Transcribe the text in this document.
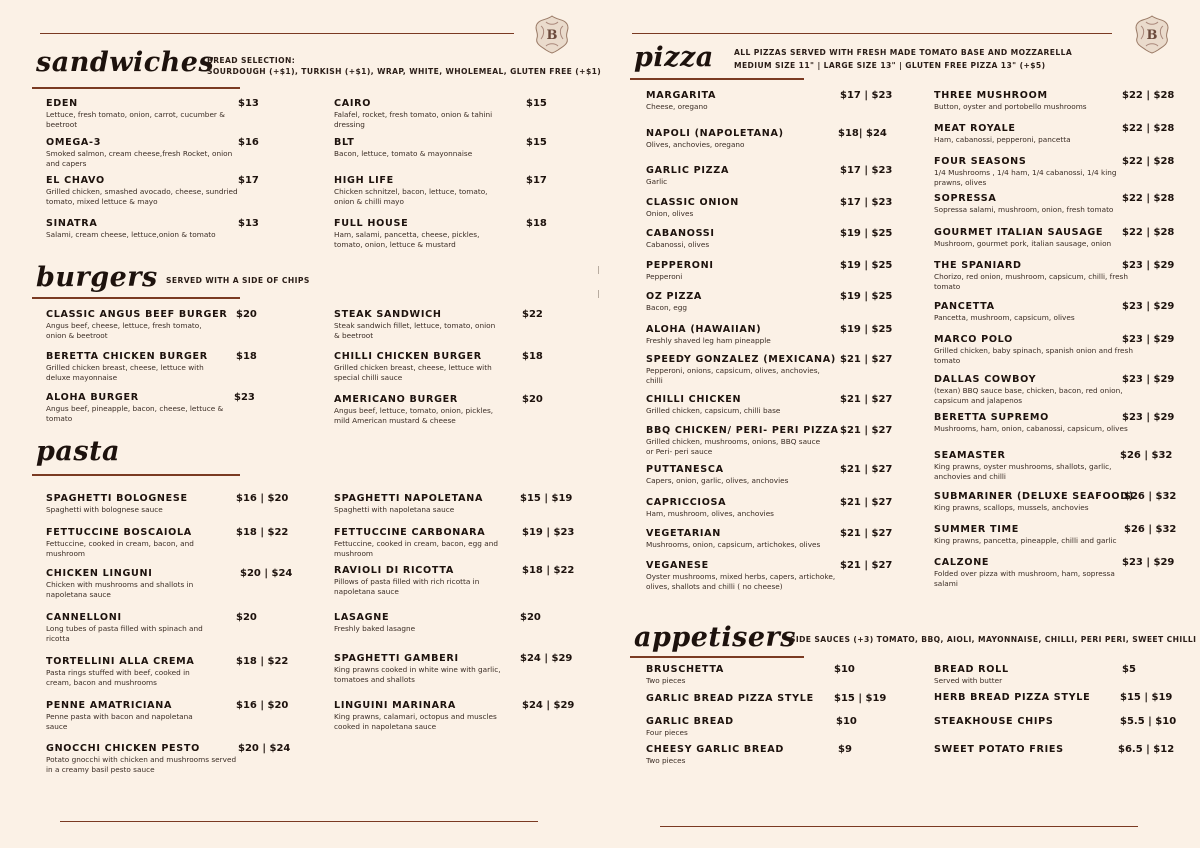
B
sandwiches
BREAD SELECTION:
SOURDOUGH (+$1), TURKISH (+$1), WRAP, WHITE, WHOLEMEAL, GLUTEN FREE (+$1)
EDEN
Lettuce, fresh tomato, onion, carrot, cucumber & beetroot
$13
OMEGA-3
Smoked salmon, cream cheese,fresh Rocket, onion and capers
$16
EL CHAVO
Grilled chicken, smashed avocado, cheese, sundried tomato, mixed lettuce & mayo
$17
SINATRA
Salami, cream cheese, lettuce,onion & tomato
$13
CAIRO
Falafel, rocket, fresh tomato, onion & tahini dressing
$15
BLT
Bacon, lettuce, tomato & mayonnaise
$15
HIGH LIFE
Chicken schnitzel, bacon, lettuce, tomato, onion & chilli mayo
$17
FULL HOUSE
Ham, salami, pancetta, cheese, pickles, tomato, onion, lettuce & mustard
$18
burgers SERVED WITH A SIDE OF CHIPS
CLASSIC ANGUS BEEF BURGER
Angus beef, cheese, lettuce, fresh tomato, onion & beetroot
$20
BERETTA CHICKEN BURGER
Grilled chicken breast, cheese, lettuce with deluxe mayonnaise
$18
ALOHA BURGER
Angus beef, pineapple, bacon, cheese, lettuce & tomato
$23
STEAK SANDWICH
Steak sandwich fillet, lettuce, tomato, onion & beetroot
$22
CHILLI CHICKEN BURGER
Grilled chicken breast, cheese, lettuce with special chilli sauce
$18
AMERICANO BURGER
Angus beef, lettuce, tomato, onion, pickles, mild American mustard & cheese
$20
pasta
SPAGHETTI BOLOGNESE
Spaghetti with bolognese sauce
$16 | $20
FETTUCCINE BOSCAIOLA
Fettuccine, cooked in cream, bacon, and mushroom
$18 | $22
CHICKEN LINGUNI
Chicken with mushrooms and shallots in napoletana sauce
$20 | $24
CANNELLONI
Long tubes of pasta filled with spinach and ricotta
$20
TORTELLINI ALLA CREMA
Pasta rings stuffed with beef, cooked in cream, bacon and mushrooms
$18 | $22
PENNE AMATRICIANA
Penne pasta with bacon and napoletana sauce
$16 | $20
GNOCCHI CHICKEN PESTO
Potato gnocchi with chicken and mushrooms served in a creamy basil pesto sauce
$20 | $24
SPAGHETTI NAPOLETANA
Spaghetti with napoletana sauce
$15 | $19
FETTUCCINE CARBONARA
Fettuccine, cooked in cream, bacon, egg and mushroom
$19 | $23
RAVIOLI DI RICOTTA
Pillows of pasta filled with rich ricotta in napoletana sauce
$18 | $22
LASAGNE
Freshly baked lasagne
$20
SPAGHETTI GAMBERI
King prawns cooked in white wine with garlic, tomatoes and shallots
$24 | $29
LINGUINI MARINARA
King prawns, calamari, octopus and muscles cooked in napoletana sauce
$24 | $29
B
pizza	ALL PIZZAS SERVED WITH FRESH MADE TOMATO BASE AND MOZZARELLA
MEDIUM SIZE 11" | LARGE SIZE 13" | GLUTEN FREE PIZZA 13" (+$5)
MARGARITA
Cheese, oregano
$17 | $23
NAPOLI (NAPOLETANA)
Olives, anchovies, oregano
$18| $24
GARLIC PIZZA
Garlic
$17 | $23
CLASSIC ONION
Onion, olives
$17 | $23
CABANOSSI
Cabanossi, olives
$19 | $25
PEPPERONI
Pepperoni
$19 | $25
OZ PIZZA
Bacon, egg
$19 | $25
ALOHA (HAWAIIAN)
Freshly shaved leg ham pineapple
$19 | $25
SPEEDY GONZALEZ (MEXICANA)
Pepperoni, onions, capsicum, olives, anchovies, chilli
$21 | $27
CHILLI CHICKEN
Grilled chicken, capsicum, chilli base
$21 | $27
BBQ CHICKEN/ PERI- PERI PIZZA
Grilled chicken, mushrooms, onions, BBQ sauce or Peri- peri sauce
$21 | $27
PUTTANESCA
Capers, onion, garlic, olives, anchovies
$21 | $27
CAPRICCIOSA
Ham, mushroom, olives, anchovies
$21 | $27
VEGETARIAN
Mushrooms, onion, capsicum, artichokes, olives
$21 | $27
VEGANESE
Oyster mushrooms, mixed herbs, capers, artichoke, olives, shallots and chilli ( no cheese)
$21 | $27
THREE MUSHROOM
Button, oyster and portobello mushrooms
$22 | $28
MEAT ROYALE
Ham, cabanossi, pepperoni, pancetta
$22 | $28
FOUR SEASONS
1/4 Mushrooms , 1/4 ham, 1/4 cabanossi, 1/4 king prawns, olives
$22 | $28
SOPRESSA
Sopressa salami, mushroom, onion, fresh tomato
$22 | $28
GOURMET ITALIAN SAUSAGE
Mushroom, gourmet pork, italian sausage, onion
$22 | $28
THE SPANIARD
Chorizo, red onion, mushroom, capsicum, chilli, fresh tomato
$23 | $29
PANCETTA
Pancetta, mushroom, capsicum, olives
$23 | $29
MARCO POLO
Grilled chicken, baby spinach, spanish onion and fresh tomato
$23 | $29
DALLAS COWBOY
(texan) BBQ sauce base, chicken, bacon, red onion, capsicum and jalapenos
$23 | $29
BERETTA SUPREMO
Mushrooms, ham, onion, cabanossi, capsicum, olives
$23 | $29
SEAMASTER
King prawns, oyster mushrooms, shallots, garlic, anchovies and chilli
$26 | $32
SUBMARINER (DELUXE SEAFOOD)
King prawns, scallops, mussels, anchovies
$26 | $32
SUMMER TIME
King prawns, pancetta, pineapple, chilli and garlic
$26 | $32
CALZONE
Folded over pizza with mushroom, ham, sopressa salami
$23 | $29
appetisers
SIDE SAUCES (+3) TOMATO, BBQ, AIOLI, MAYONNAISE, CHILLI, PERI PERI, SWEET CHILLI
BRUSCHETTA
Two pieces
$10
GARLIC BREAD PIZZA STYLE $15 | $19
GARLIC BREAD
Four pieces
$10
CHEESY GARLIC BREAD
Two pieces
$9
BREAD ROLL
Served with butter
$5
HERB BREAD PIZZA STYLE	$15 | $19
STEAKHOUSE CHIPS	$5.5 | $10
SWEET POTATO FRIES	$6.5 | $12
